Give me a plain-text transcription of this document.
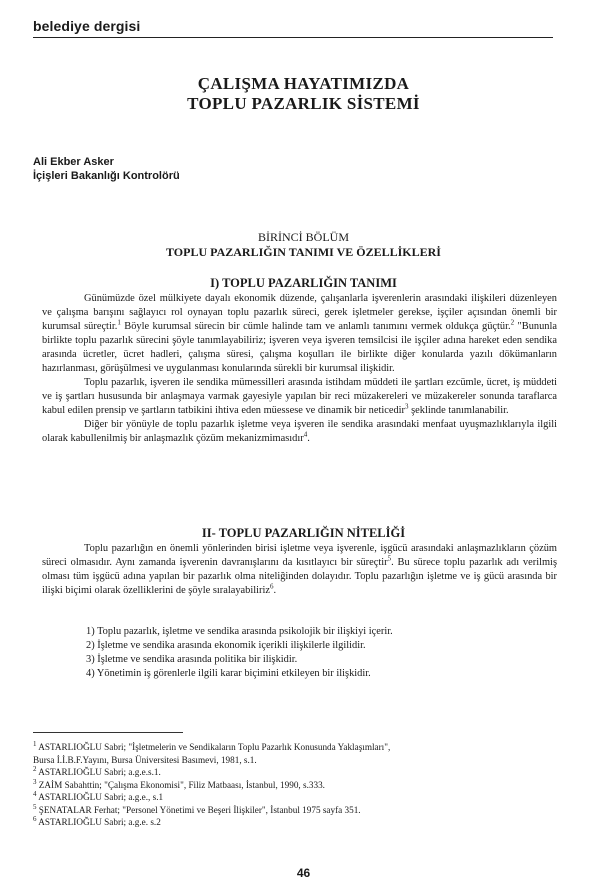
belediye dergisi
ÇALIŞMA HAYATIMIZDA
TOPLU PAZARLIK SİSTEMİ
Ali Ekber Asker
İçişleri Bakanlığı Kontrolörü
BİRİNCİ BÖLÜM
TOPLU PAZARLIĞIN TANIMI VE ÖZELLİKLERİ
I) TOPLU PAZARLIĞIN TANIMI

Günümüzde özel mülkiyete dayalı ekonomik düzende, çalışanlarla işverenlerin arasındaki ilişkileri düzenleyen ve çalışma barışını sağlayıcı rol oynayan toplu pazarlık süreci, gerek işletmeler gerekse, işçiler açısından önemli bir kurumsal süreçtir.$^1$ Böyle kurumsal sürecin bir cümle halinde tam ve anlamlı tanımını vermek oldukça güçtür.$^2$ "Bununla birlikte toplu pazarlık sürecini şöyle tanımlayabiliriz; işveren veya işveren temsilcisi ile işçiler adına hareket eden sendika arasında ücretler, ücret hadleri, çalışma süresi, çalışma koşulları ile birlikte diğer konularda yazılı dökümanların hazırlanması, görüşülmesi ve uygulanması konularında sürekli bir kurumsal ilişkidir.

Toplu pazarlık, işveren ile sendika mümessilleri arasında istihdam müddeti ile şartları ezcümle, ücret, iş müddeti ve iş şartları hususunda bir anlaşmaya varmak gayesiyle yapılan bir reci müzakereleri ve müzakereler sonunda taraflarca kabul edilen prensip ve şartların tatbikini ihtiva eden müessese ve dinamik bir neticedir$^3$ şeklinde tanımlanabilir.

Diğer bir yönüyle de toplu pazarlık işletme veya işveren ile sendika arasındaki menfaat uyuşmazlıklarıyla ilgili olarak kabullenilmiş bir anlaşmazlık çözüm mekanizmimasıdır$^4$.

II- TOPLU PAZARLIĞIN NİTELİĞİ

Toplu pazarlığın en önemli yönlerinden birisi işletme veya işverenle, işgücü arasındaki anlaşmazlıkların çözüm süreci olmasıdır. Aynı zamanda işverenin davranışlarını da kısıtlayıcı bir süreçtir$^5$. Bu sürece toplu pazarlık adı verilmiş olması tüm işgücü adına yapılan bir pazarlık olma niteliğinden dolayıdır. Toplu pazarlığın işletme ve iş gücü arasında bir ilişki biçimi olarak özelliklerini de şöyle sıralayabiliriz$^6$.

1) Toplu pazarlık, işletme ve sendika arasında psikolojik bir ilişkiyi içerir.
2) İşletme ve sendika arasında ekonomik içerikli ilişkilerle ilgilidir.
3) İşletme ve sendika arasında politika bir ilişkidir.
4) Yönetimin iş görenlerle ilgili karar biçimini etkileyen bir ilişkidir.
$^1$ ASTARLIOĞLU Sabri; "İşletmelerin ve Sendikaların Toplu Pazarlık Konusunda Yaklaşımları",
Bursa İ.İ.B.F.Yayını, Bursa Üniversitesi Basımevi, 1981, s.1.
$^2$ ASTARLIOĞLU Sabri; a.g.e.s.1.
$^3$ ZAİM Sabahttin; "Çalışma Ekonomisi", Filiz Matbaası, İstanbul, 1990, s.333.
$^4$ ASTARLIOĞLU Sabri; a.g.e., s.1
$^5$ ŞENATALAR Ferhat; "Personel Yönetimi ve Beşeri İlişkiler", İstanbul 1975 sayfa 351.
$^6$ ASTARLIOĞLU Sabri; a.g.e. s.2
46
